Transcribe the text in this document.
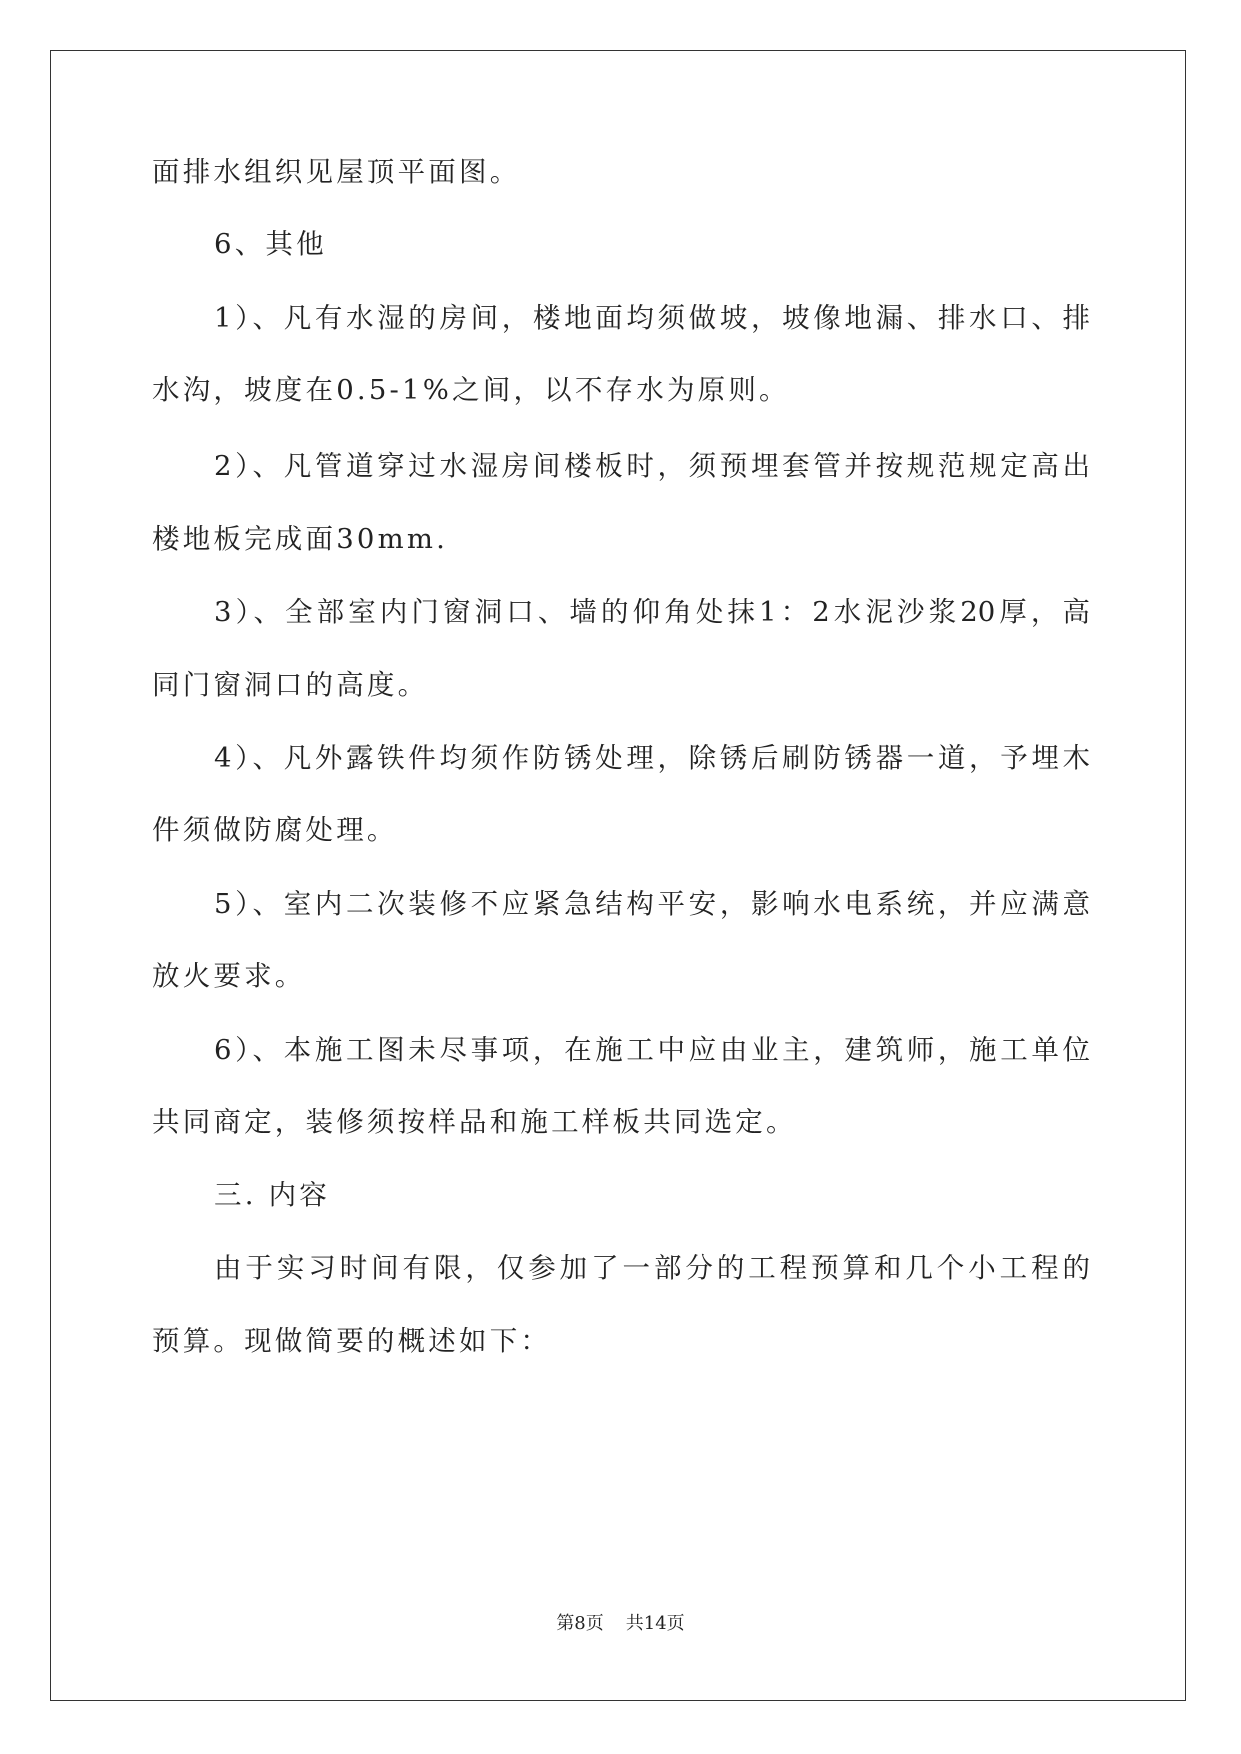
面排水组织见屋顶平面图。
6、其他
1）、凡有水湿的房间，楼地面均须做坡，坡像地漏、排水口、排
水沟，坡度在0.5-1%之间，以不存水为原则。
2）、凡管道穿过水湿房间楼板时，须预埋套管并按规范规定高出
楼地板完成面30mm.
3）、全部室内门窗洞口、墙的仰角处抹1：2水泥沙浆20厚，高
同门窗洞口的高度。
4）、凡外露铁件均须作防锈处理，除锈后刷防锈器一道，予埋木
件须做防腐处理。
5）、室内二次装修不应紧急结构平安，影响水电系统，并应满意
放火要求。
6）、本施工图未尽事项，在施工中应由业主，建筑师，施工单位
共同商定，装修须按样品和施工样板共同选定。
三. 内容
由于实习时间有限，仅参加了一部分的工程预算和几个小工程的
预算。现做简要的概述如下：
第8页 共14页
